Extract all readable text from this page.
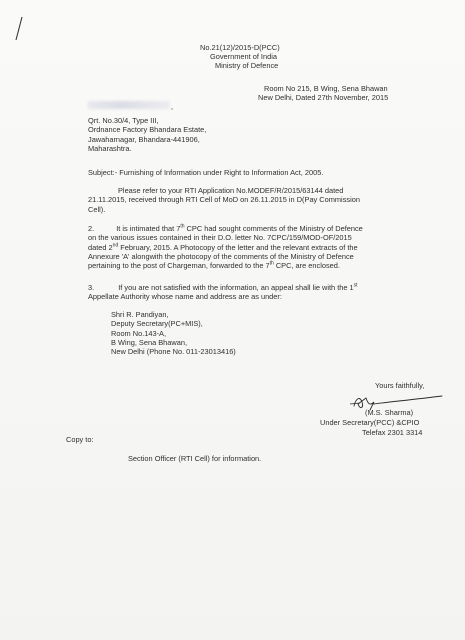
No.21(12)/2015-D(PCC)
Government of India
Ministry of Defence
Room No 215, B Wing, Sena Bhawan
New Delhi, Dated 27th November, 2015
,
Qrt. No.30/4, Type III,
Ordnance Factory Bhandara Estate,
Jawaharnagar, Bhandara-441906,
Maharashtra.
Subject:- Furnishing of Information under Right to Information Act, 2005.
Please refer to your RTI Application No.MODEF/R/2015/63144 dated
21.11.2015, received through RTI Cell of MoD on 26.11.2015 in D(Pay Commission
Cell).
2.	It is intimated that 7th CPC had sought comments of the Ministry of Defence
on the various issues contained in their D.O. letter No. 7CPC/159/MOD-OF/2015
dated 2nd February, 2015. A Photocopy of the letter and the relevant extracts of the
Annexure 'A' alongwith the photocopy of the comments of the Ministry of Defence
pertaining to the post of Chargeman, forwarded to the 7th CPC, are enclosed.
3.	If you are not satisfied with the information, an appeal shall lie with the 1st
Appellate Authority whose name and address are as under:
Shri R. Pandiyan,
Deputy Secretary(PC+MIS),
Room No.143-A,
B Wing, Sena Bhawan,
New Delhi (Phone No. 011-23013416)
Yours faithfully,
(M.S. Sharma)
Under Secretary(PCC) &CPIO
Telefax 2301 3314
Copy to:
Section Officer (RTI Cell) for information.
